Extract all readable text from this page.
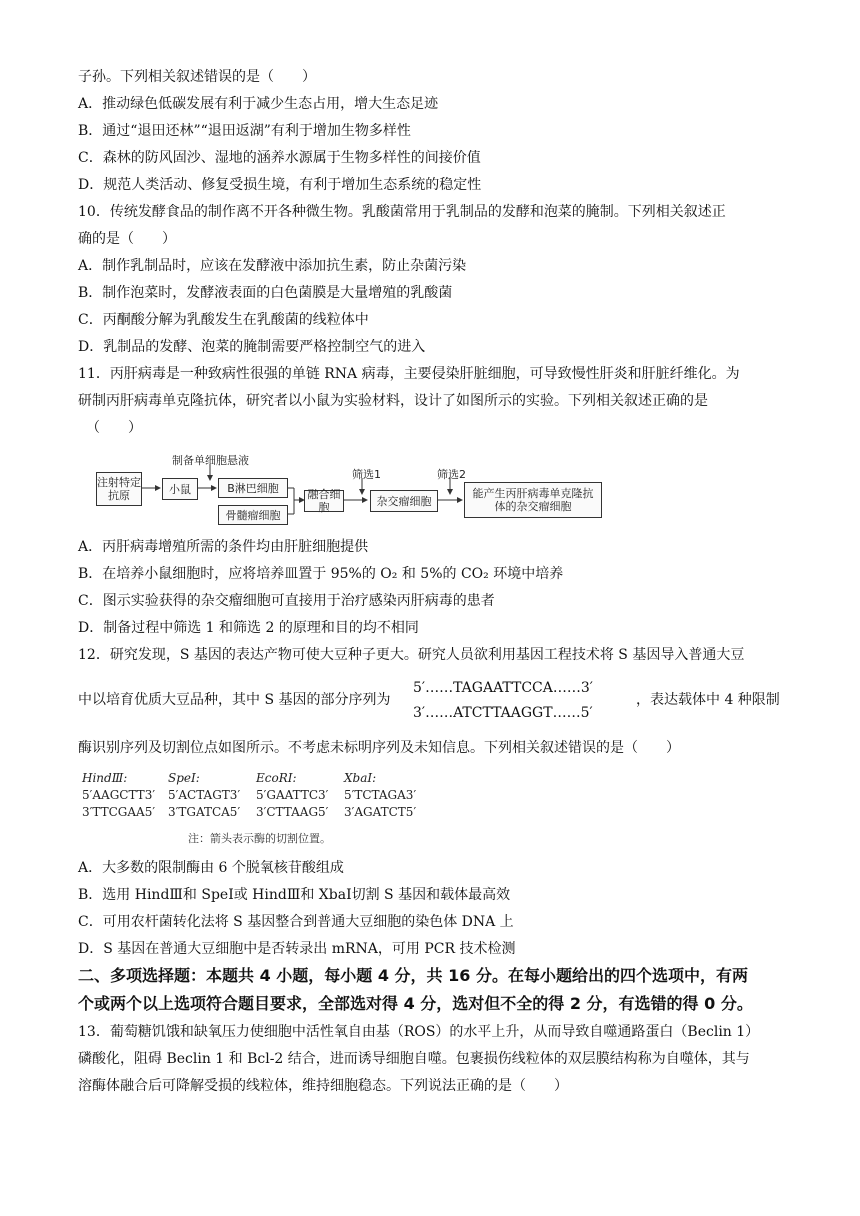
子孙。下列相关叙述错误的是（　　）
A．推动绿色低碳发展有利于减少生态占用，增大生态足迹
B．通过“退田还林”“退田返湖”有利于增加生物多样性
C．森林的防风固沙、湿地的涵养水源属于生物多样性的间接价值
D．规范人类活动、修复受损生境，有利于增加生态系统的稳定性
10．传统发酵食品的制作离不开各种微生物。乳酸菌常用于乳制品的发酵和泡菜的腌制。下列相关叙述正
确的是（　　）
A．制作乳制品时，应该在发酵液中添加抗生素，防止杂菌污染
B．制作泡菜时，发酵液表面的白色菌膜是大量增殖的乳酸菌
C．丙酮酸分解为乳酸发生在乳酸菌的线粒体中
D．乳制品的发酵、泡菜的腌制需要严格控制空气的进入
11．丙肝病毒是一种致病性很强的单链 RNA 病毒，主要侵染肝脏细胞，可导致慢性肝炎和肝脏纤维化。为
研制丙肝病毒单克隆抗体，研究者以小鼠为实验材料，设计了如图所示的实验。下列相关叙述正确的是
（　　）
制备单细胞悬液
筛选1	筛选2
注射特定抗原	小鼠	B淋巴细胞
骨髓瘤细胞
融合细胞	杂交瘤细胞
能产生丙肝病毒单克隆抗体的杂交瘤细胞
A．丙肝病毒增殖所需的条件均由肝脏细胞提供
B．在培养小鼠细胞时，应将培养皿置于 95%的 O₂ 和 5%的 CO₂ 环境中培养
C．图示实验获得的杂交瘤细胞可直接用于治疗感染丙肝病毒的患者
D．制备过程中筛选 1 和筛选 2 的原理和目的均不相同
12．研究发现，S 基因的表达产物可使大豆种子更大。研究人员欲利用基因工程技术将 S 基因导入普通大豆
中以培育优质大豆品种，其中 S 基因的部分序列为
5′……TAGAATTCCA……3′
3′……ATCTTAAGGT……5′
，表达载体中 4 种限制
酶识别序列及切割位点如图所示。不考虑未标明序列及未知信息。下列相关叙述错误的是（　　）
HindⅢ:
5′AAGCTT3′
3′TTCGAA5′
SpeⅠ:
5′ACTAGT3′
3′TGATCA5′
EcoRⅠ:
5′GAATTC3′
3′CTTAAG5′
XbaⅠ:
5′TCTAGA3′
3′AGATCT5′
注：箭头表示酶的切割位置。
A．大多数的限制酶由 6 个脱氧核苷酸组成
B．选用 HindⅢ和 SpeⅠ或 HindⅢ和 XbaⅠ切割 S 基因和载体最高效
C．可用农杆菌转化法将 S 基因整合到普通大豆细胞的染色体 DNA 上
D．S 基因在普通大豆细胞中是否转录出 mRNA，可用 PCR 技术检测
二、多项选择题：本题共 4 小题，每小题 4 分，共 16 分。在每小题给出的四个选项中，有两
个或两个以上选项符合题目要求，全部选对得 4 分，选对但不全的得 2 分，有选错的得 0 分。
13．葡萄糖饥饿和缺氧压力使细胞中活性氧自由基（ROS）的水平上升，从而导致自噬通路蛋白（Beclin 1）
磷酸化，阻碍 Beclin 1 和 Bcl-2 结合，进而诱导细胞自噬。包裹损伤线粒体的双层膜结构称为自噬体，其与
溶酶体融合后可降解受损的线粒体，维持细胞稳态。下列说法正确的是（　　）
